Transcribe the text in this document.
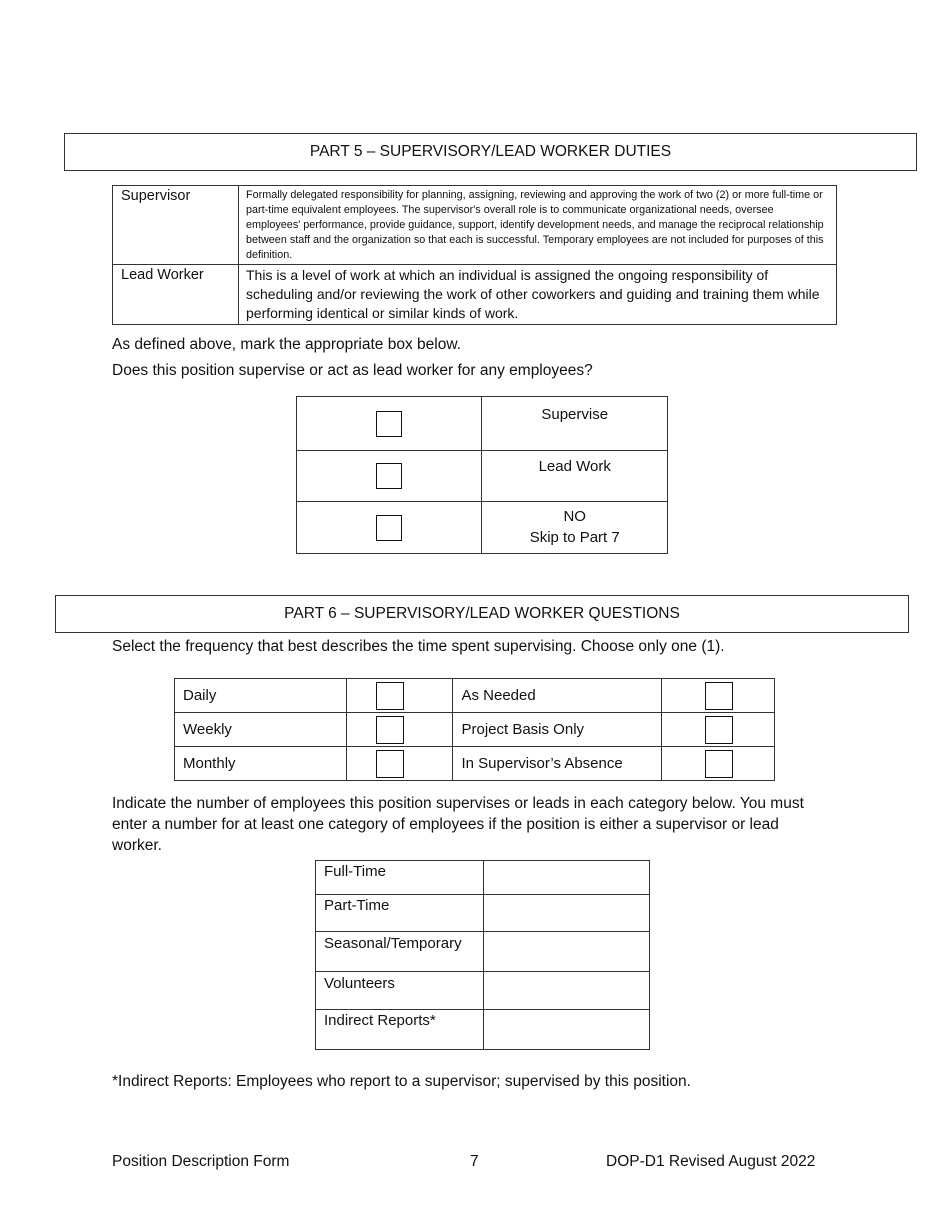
PART 5 – SUPERVISORY/LEAD WORKER DUTIES
Supervisor	Formally delegated responsibility for planning, assigning, reviewing and approving the work of two (2) or more full-time or part-time equivalent employees. The supervisor's overall role is to communicate organizational needs, oversee employees' performance, provide guidance, support, identify development needs, and manage the reciprocal relationship between staff and the organization so that each is successful. Temporary employees are not included for purposes of this definition.
Lead Worker	This is a level of work at which an individual is assigned the ongoing responsibility of scheduling and/or reviewing the work of other coworkers and guiding and training them while performing identical or similar kinds of work.
As defined above, mark the appropriate box below.
Does this position supervise or act as lead worker for any employees?
	Supervise
	Lead Work

	NO
Skip to Part 7
PART 6 – SUPERVISORY/LEAD WORKER QUESTIONS
Select the frequency that best describes the time spent supervising. Choose only one (1).
Daily		As Needed	

Weekly		Project Basis Only	

Monthly		In Supervisor’s Absence	
Indicate the number of employees this position supervises or leads in each category below. You must enter a number for at least one category of employees if the position is either a supervisor or lead worker.
Full-Time	
Part-Time	
Seasonal/Temporary	
Volunteers	
Indirect Reports*	
*Indirect Reports: Employees who report to a supervisor; supervised by this position.
Position Description Form	7	DOP-D1 Revised August 2022
